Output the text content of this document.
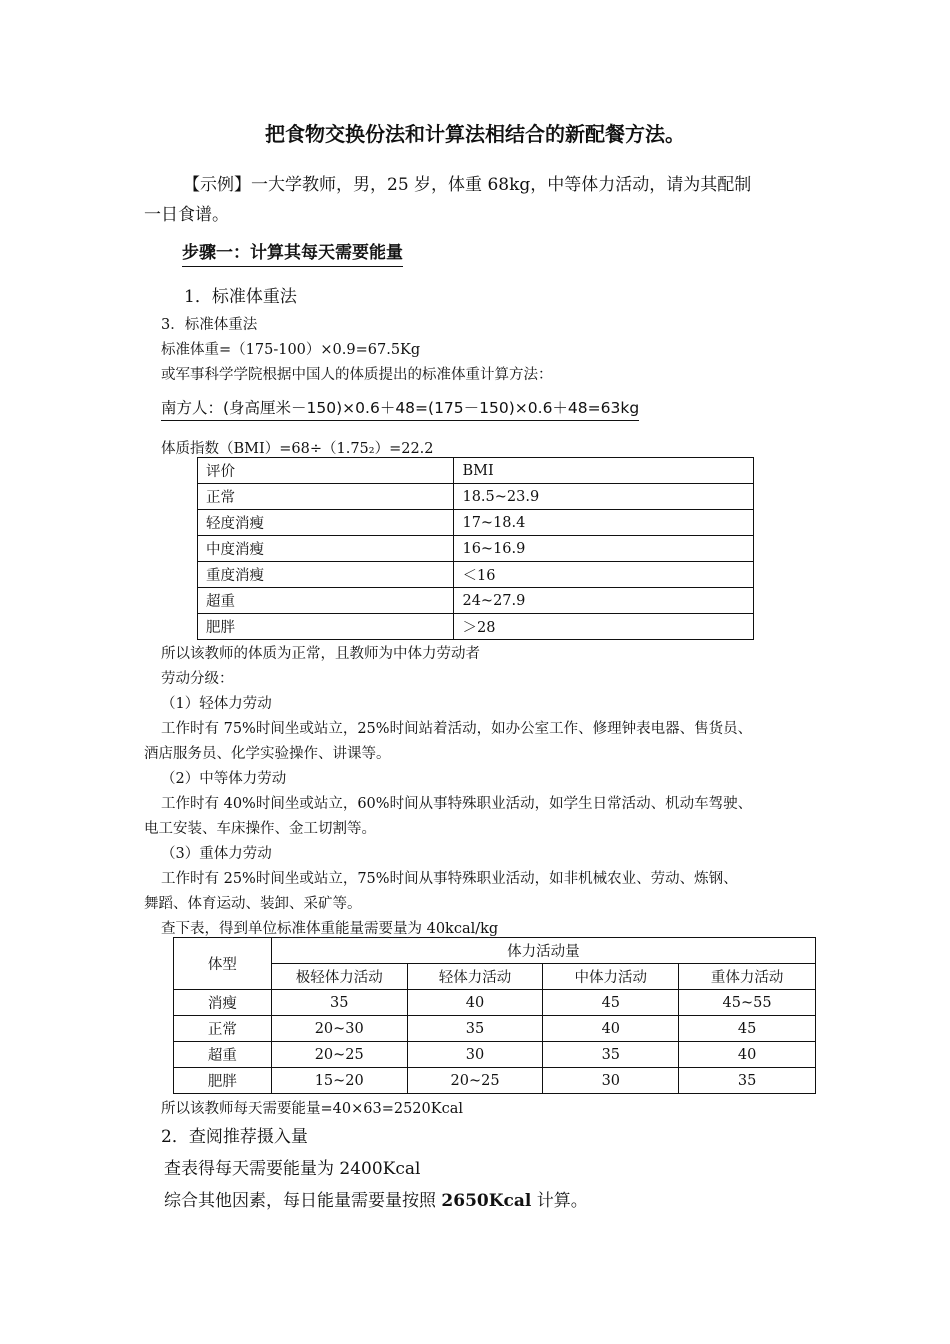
把食物交换份法和计算法相结合的新配餐方法。
【示例】一大学教师，男，25 岁，体重 68kg，中等体力活动，请为其配制
一日食谱。
步骤一：计算其每天需要能量
1．标准体重法
3．标准体重法
标准体重=（175-100）×0.9=67.5Kg
或军事科学学院根据中国人的体质提出的标准体重计算方法：
南方人：(身高厘米－150)×0.6＋48=(175－150)×0.6＋48=63kg
体质指数（BMI）=68÷（1.75₂）=22.2
评价	BMI
正常	18.5~23.9
轻度消瘦	17~18.4
中度消瘦	16~16.9
重度消瘦	＜16
超重	24~27.9
肥胖	＞28
所以该教师的体质为正常，且教师为中体力劳动者
劳动分级：
（1）轻体力劳动
工作时有 75%时间坐或站立，25%时间站着活动，如办公室工作、修理钟表电器、售货员、
酒店服务员、化学实验操作、讲课等。
（2）中等体力劳动
工作时有 40%时间坐或站立，60%时间从事特殊职业活动，如学生日常活动、机动车驾驶、
电工安装、车床操作、金工切割等。
（3）重体力劳动
工作时有 25%时间坐或站立，75%时间从事特殊职业活动，如非机械农业、劳动、炼钢、
舞蹈、体育运动、装卸、采矿等。
查下表，得到单位标准体重能量需要量为 40kcal/kg
体型	体力活动量			
	极轻体力活动	轻体力活动	中体力活动	重体力活动
消瘦	35	40	45	45~55
正常	20~30	35	40	45
超重	20~25	30	35	40
肥胖	15~20	20~25	30	35
所以该教师每天需要能量=40×63=2520Kcal
2．查阅推荐摄入量
查表得每天需要能量为 2400Kcal
综合其他因素，每日能量需要量按照 2650Kcal 计算。
